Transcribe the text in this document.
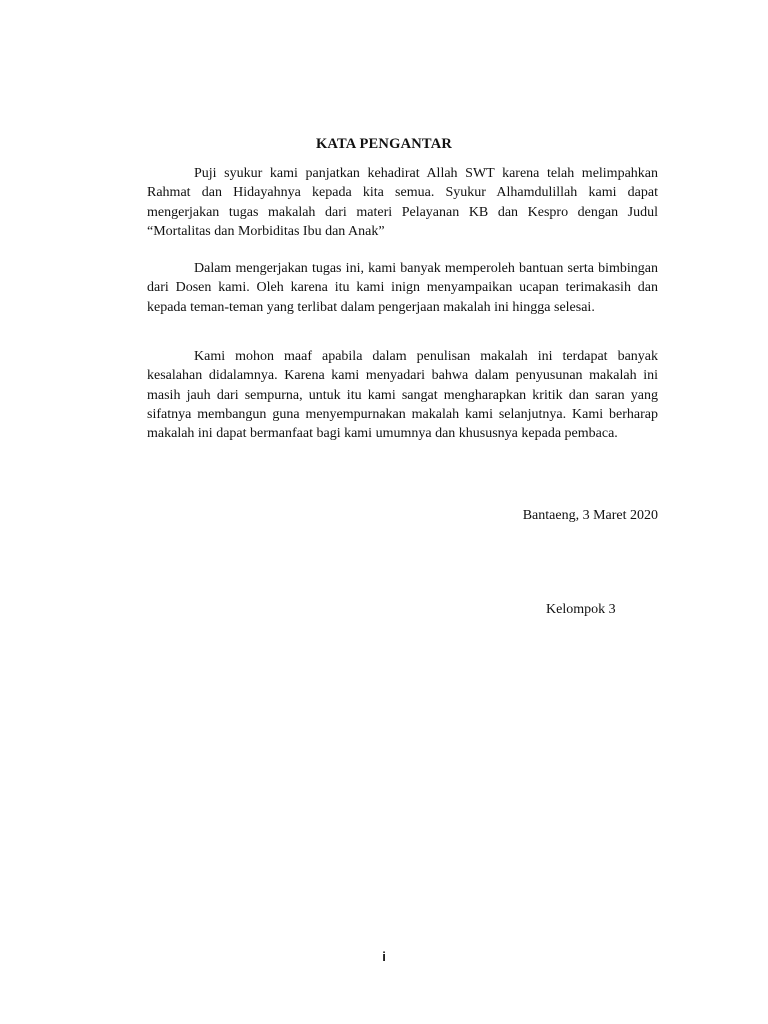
KATA PENGANTAR

Puji syukur kami panjatkan kehadirat Allah SWT karena telah melimpahkan Rahmat dan Hidayahnya kepada kita semua. Syukur Alhamdulillah kami dapat mengerjakan tugas makalah dari materi Pelayanan KB dan Kespro dengan Judul “Mortalitas dan Morbiditas Ibu dan Anak”

Dalam mengerjakan tugas ini, kami banyak memperoleh bantuan serta bimbingan dari Dosen kami. Oleh karena itu kami inign menyampaikan ucapan terimakasih dan kepada teman-teman yang terlibat dalam pengerjaan makalah ini hingga selesai.

Kami mohon maaf apabila dalam penulisan makalah ini terdapat banyak kesalahan didalamnya. Karena kami menyadari bahwa dalam penyusunan makalah ini masih jauh dari sempurna, untuk itu kami sangat mengharapkan kritik dan saran yang sifatnya membangun guna menyempurnakan makalah kami selanjutnya. Kami berharap makalah ini dapat bermanfaat bagi kami umumnya dan khususnya kepada pembaca.

Bantaeng, 3 Maret 2020
Kelompok 3
i
